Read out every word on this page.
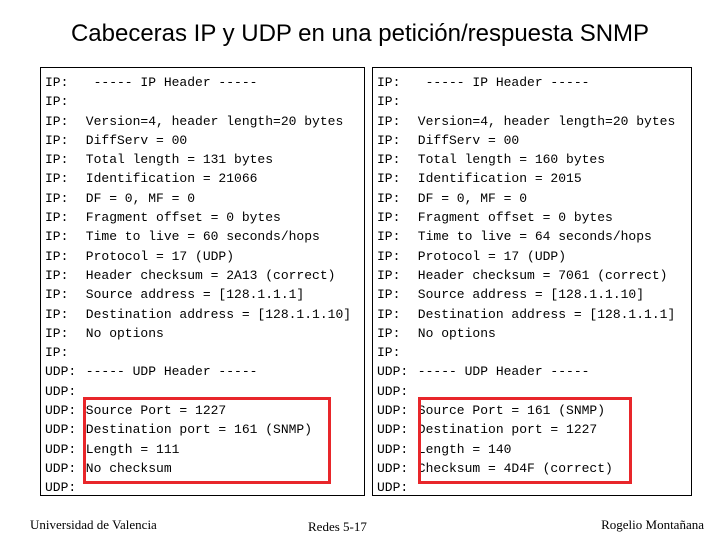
Cabeceras IP y UDP en una petición/respuesta SNMP
IP:  ----- IP Header -----
IP:
IP: Version=4, header length=20 bytes
IP: DiffServ = 00
IP: Total length = 131 bytes
IP: Identification = 21066
IP: DF = 0, MF = 0
IP: Fragment offset = 0 bytes
IP: Time to live = 60 seconds/hops
IP: Protocol = 17 (UDP)
IP: Header checksum = 2A13 (correct)
IP: Source address = [128.1.1.1]
IP: Destination address = [128.1.1.10]
IP: No options
IP:
UDP: ----- UDP Header -----
UDP:
UDP: Source Port = 1227
UDP: Destination port = 161 (SNMP)
UDP: Length = 111
UDP: No checksum
UDP:
IP:  ----- IP Header -----
IP:
IP: Version=4, header length=20 bytes
IP: DiffServ = 00
IP: Total length = 160 bytes
IP: Identification = 2015
IP: DF = 0, MF = 0
IP: Fragment offset = 0 bytes
IP: Time to live = 64 seconds/hops
IP: Protocol = 17 (UDP)
IP: Header checksum = 7061 (correct)
IP: Source address = [128.1.1.10]
IP: Destination address = [128.1.1.1]
IP: No options
IP:
UDP: ----- UDP Header -----
UDP:
UDP: Source Port = 161 (SNMP)
UDP: Destination port = 1227
UDP: Length = 140
UDP: Checksum = 4D4F (correct)
UDP:
Universidad de Valencia	Redes 5-17	Rogelio Montañana
